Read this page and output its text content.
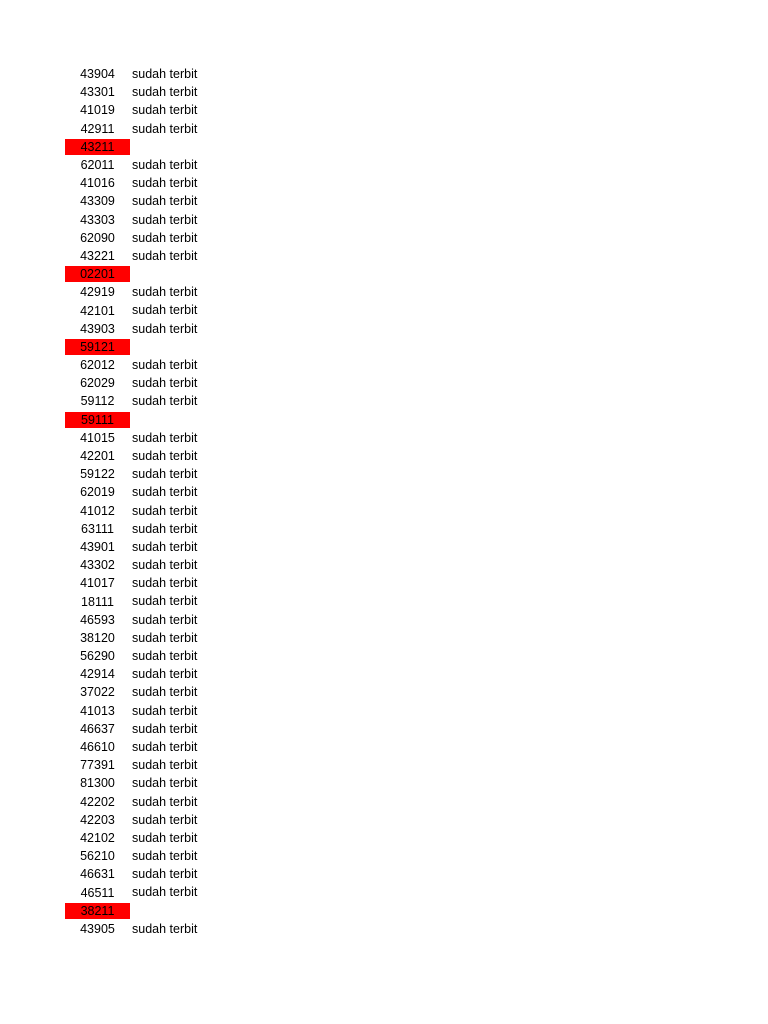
43904	sudah terbit
43301	sudah terbit
41019	sudah terbit
42911	sudah terbit
43211
62011	sudah terbit
41016	sudah terbit
43309	sudah terbit
43303	sudah terbit
62090	sudah terbit
43221	sudah terbit
02201
42919	sudah terbit
42101	sudah terbit
43903	sudah terbit
59121
62012	sudah terbit
62029	sudah terbit
59112	sudah terbit
59111
41015	sudah terbit
42201	sudah terbit
59122	sudah terbit
62019	sudah terbit
41012	sudah terbit
63111	sudah terbit
43901	sudah terbit
43302	sudah terbit
41017	sudah terbit
18111	sudah terbit
46593	sudah terbit
38120	sudah terbit
56290	sudah terbit
42914	sudah terbit
37022	sudah terbit
41013	sudah terbit
46637	sudah terbit
46610	sudah terbit
77391	sudah terbit
81300	sudah terbit
42202	sudah terbit
42203	sudah terbit
42102	sudah terbit
56210	sudah terbit
46631	sudah terbit
46511	sudah terbit
38211
43905	sudah terbit
